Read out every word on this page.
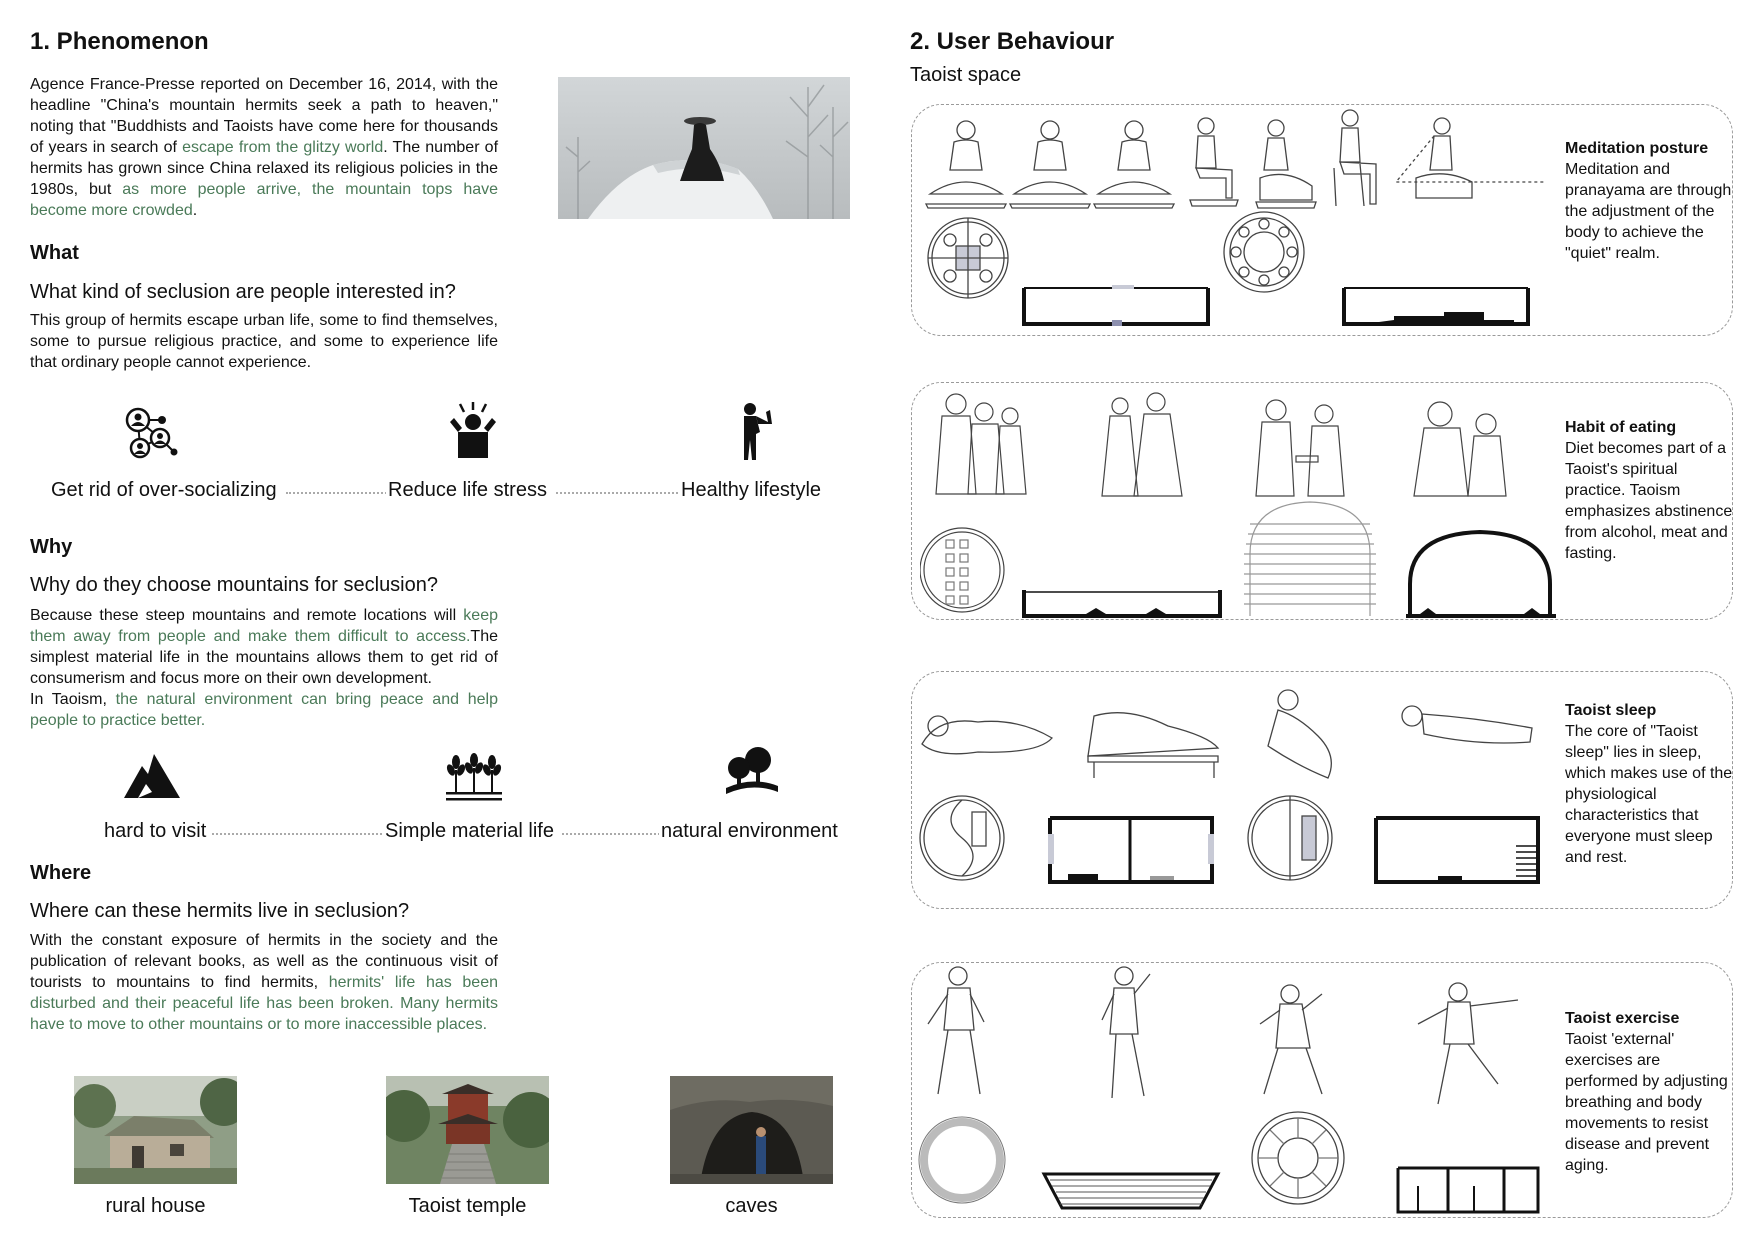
1. Phenomenon

Agence France-Presse reported on December 16, 2014, with the headline "China's mountain hermits seek a path to heaven," noting that "Buddhists and Taoists have come here for thousands of years in search of escape from the glitzy world. The number of hermits has grown since China relaxed its religious policies in the 1980s, but as more people arrive, the mountain tops have become more crowded.

What
What kind of seclusion are people interested in?

This group of hermits escape urban life, some to find themselves, some to pursue religious practice, and some to experience life that ordinary people cannot experience.

Get rid of over-socializing	Reduce life stress	Healthy lifestyle
Why
Why do they choose mountains for seclusion?

Because these steep mountains and remote locations will keep them away from people and make them difficult to access.The simplest material life in the mountains allows them to get rid of consumerism and focus more on their own development.
In Taoism, the natural environment can bring peace and help people to practice better.

hard to visit	Simple material life	natural environment
Where
Where can these hermits live in seclusion?

With the constant exposure of hermits in the society and the publication of relevant books, as well as the continuous visit of tourists to mountains to find hermits, hermits' life has been disturbed and their peaceful life has been broken. Many hermits have to move to other mountains or to more inaccessible places.

rural house	Taoist temple	caves
2. User Behaviour
Taoist space
Meditation posture
Meditation and pranayama are through the adjustment of the body to achieve the "quiet" realm.
Habit of eating
Diet becomes part of a Taoist's spiritual practice. Taoism emphasizes abstinence from alcohol, meat and fasting.
Taoist sleep
The core of "Taoist sleep" lies in sleep, which makes use of the physiological characteristics that everyone must sleep and rest.
Taoist exercise
Taoist 'external' exercises are performed by adjusting breathing and body movements to resist disease and prevent aging.
